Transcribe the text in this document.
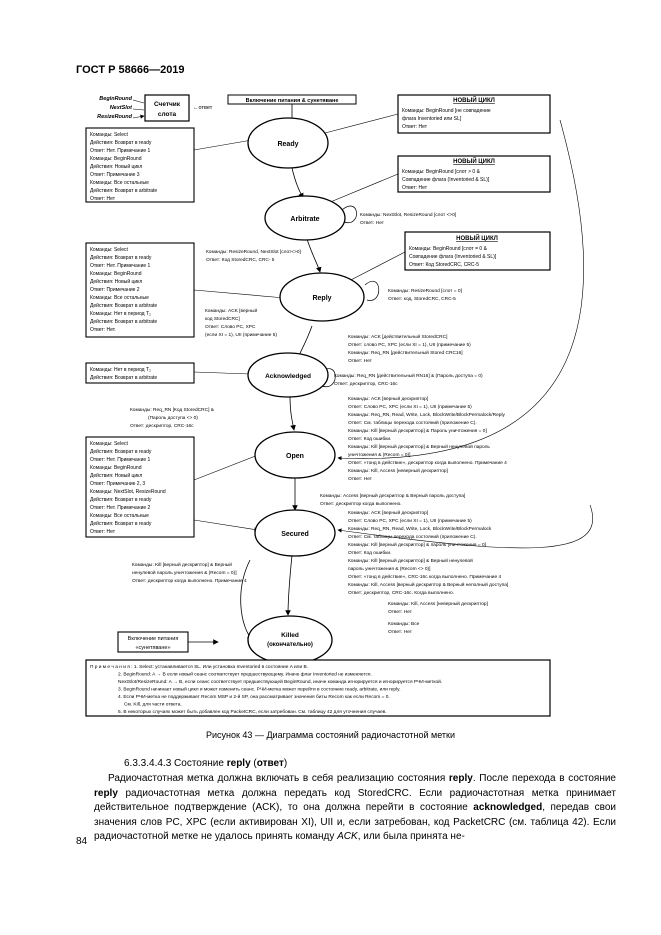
ГОСТ Р 58666—2019
BeginRound
NextSlot
ResizeRound
Счетчик
слота
←ответ
Включение питания & сунетяване	НОВЫЙ ЦИКЛ
Команды: BeginRound [не совпадение
флага Inventoried или SL]
Ответ: Нет
НОВЫЙ ЦИКЛ
Команды: BeginRound [слот > 0 &
Совпадение флага (Inventoried & SL)]
Ответ: Нет
НОВЫЙ ЦИКЛ
Команды: BeginRound [слот = 0 &
Совпадение флага (Inventoried & SL)]
Ответ: Код StoredCRC, CRC-5
Команды: Select
Действия: Возврат в ready
Ответ: Нет. Примечание 1
Команды: BeginRound
Действия: Новый цикл
Ответ: Примечание 3
Команды: Все остальные
Действия: Возврат в arbitrate
Ответ: Нет
Команды: Select
Действия: Возврат в ready
Ответ: Нет. Примечание 1
Команды: BeginRound
Действия: Новый цикл
Ответ: Примечание 2
Команды: Все остальные
Действия: Возврат в arbitrate
Команды: Нет в период T₂
Действия: Возврат в arbitrate
Ответ: Нет.
Команды: Нет в период T₂
Действия: Возврат в arbitrate
Команды: Select
Действия: Возврат в ready
Ответ: Нет. Примечание 1
Команды: BeginRound
Действия: Новый цикл
Ответ: Примечание 2, 3
Команды: NextSlot, ResizeRound
Действия: Возврат в ready
Ответ: Нет. Примечание 2
Команды: Все остальные
Действия: Возврат в ready
Ответ: Нет
Включение питания
«сунетяване»
Ready
Arbitrate
Reply
Acknowledged
Open
Secured
Killed
(окончательно)
Команды: ResizeRound, NextSlot [слот<>0]
Ответ: Код StoredCRC, CRC- 5
Команды: NextSlot, ResizeRound [слот <>0]
Ответ: Нет
Команды: ResizeRound [слот = 0]
Ответ: код, StoredCRC, CRC-5
Команды: ACK [верный
код StoredCRC]
Ответ: Слово PC, XPC
(если XI = 1), UII (примечание 5)	Команды: ACK [действительный StoredCRC]
Ответ: слово PC, XPC (если XI = 1), UII (примечание 5)
Команды: Req_RN [действительный Stored CRC16]
Ответ: Нет
Команды: Req_RN [действительный RN16] & (Пароль доступа = 0)
Ответ: дескриптор, CRC-16с
Команды: Req_RN [Код StoredCRC] &
(Пароль доступа <> 0)
Ответ: дескриптор, CRC-16с
Команды: ACK [верный дескриптор]
Ответ: Слово PC, XPC (если XI = 1), UII (примечание 5)
Команды: Req_RN, Read, Write, Lock, BlockWrite/BlockPermalock/Reply
Ответ: См. таблицы перехода состояний (приложение C).
Команды: Kill [верный дескриптор] & Пароль уничтожения = 0]
Ответ: Код ошибки.
Команды: Kill [верный дескриптор] & Верный ненулевой пароль
уничтожения & (Recom = 0)]
Ответ: «тонд в действие», дескриптор когда выполнено. Примечание 4
Команды: Kill, Access [неверный дескриптор]
Ответ: Нет
Команды: Access [верный дескриптор & Верный пароль доступа]
Ответ: дескриптор когда выполнено.
Команды: ACK [верный дескриптор]
Ответ: Слово PC, XPC (если XI = 1), UII (примечание 5)
Команды: Req_RN, Read, Write, Lock, BlockWrite/BlockPermalock
Ответ: См. таблицы перехода состояний (приложение C).
Команды: Kill [верный дескриптор] & пароль уничтожения = 0]
Ответ: Код ошибки.
Команды: Kill [верный дескриптор] & Верный ненулевой
пароль уничтожения & (Recom <> 0)]
Ответ: «тонд в действие», CRC-16с когда выполнено. Примечание 4
Команды: Kill, Access [верный дескриптор & Верный неполный доступа]
Ответ: дескриптор, CRC-16с. Когда выполнено.
Команды: Kill [верный дескриптор] & Верный
ненулевой пароль уничтожения & (Recom = 0)]
Ответ: дескриптор когда выполнено. Примечание 4
Команды: Kill, Access [неверный дескриптор]
Ответ: Нет
Команды: Все
Ответ: Нет
П р и м е ч а н и я : 1. Select: устанавливается SL. Или установка Inventoried в состояние A или B.
2. BeginRound: A → B если новый сеанс соответствует предшествующему. Иначе флаг Inventoried не изменяется.
NextSlot/ResizeRound: A → B, если сеанс соответствует предшествующей BeginRound, иначе команда игнорируется и игнорируется PЧИ-меткой.
3. BeginRound начинает новый цикл и может изменить сеанс. PЧИ-метка может перейти в состояние ready, arbitrate, или reply.
4. Если PЧИ-метка не поддерживает Recom MSP и 2-й SP, она рассматривает значения биты Recom как если Recom = 0.
См. Kill, для части ответа.
5. В некоторых случаях может быть добавлен код PacketCRC, если затребован. См. таблицу 42 для уточнения случаев.
Рисунок 43 — Диаграмма состояний радиочастотной метки
6.3.3.4.4.3 Состояние reply (ответ)
Радиочастотная метка должна включать в себя реализацию состояния reply. После перехода в состояние reply радиочастотная метка должна передать код StoredCRC. Если радиочастотная метка принимает действительное подтверждение (ACK), то она должна перейти в состояние acknowledged, передав свои значения слов PC, XPC (если активирован XI), UII и, если затребован, код PacketCRC (см. таблица 42). Если радиочастотной метке не удалось принять команду ACK, или была принята не-
84
